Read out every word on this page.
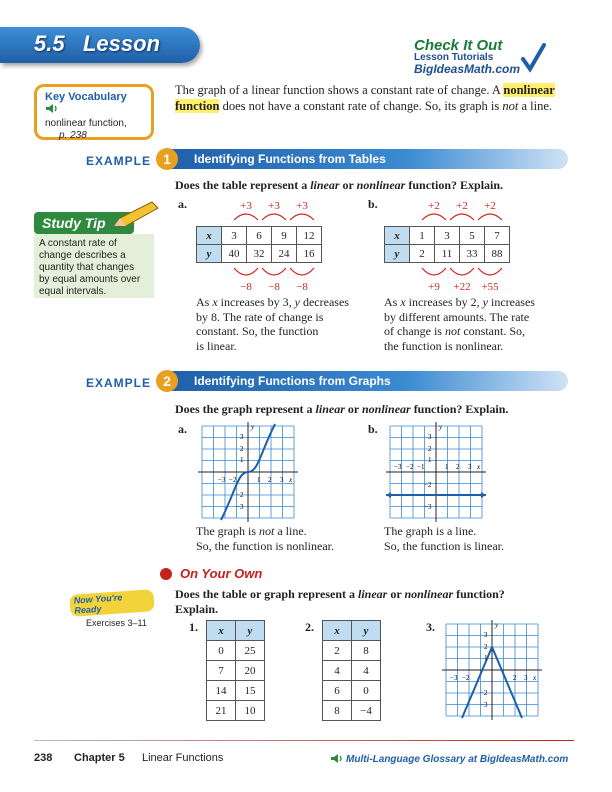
5.5 Lesson	Check It Out
Lesson Tutorials
BigIdeasMath.com
Key Vocabulary
nonlinear function,
p. 238
The graph of a linear function shows a constant rate of change. A nonlinear function does not have a constant rate of change. So, its graph is not a line.
EXAMPLE 1	Identifying Functions from Tables
Does the table represent a linear or nonlinear function? Explain.
Study Tip
A constant rate of
change describes a
quantity that changes
by equal amounts over
equal intervals.
a.	+3 +3 +3
−8 −8 −8
x	3	6	9	12
y	40	32	24	16
As x increases by 3, y decreases
by 8. The rate of change is
constant. So, the function
is linear.
b.	+2 +2 +2
+9 +22 +55
x	1	3	5	7
y	2	11	33	88
As x increases by 2, y increases
by different amounts. The rate
of change is not constant. So,
the function is nonlinear.
EXAMPLE 2	Identifying Functions from Graphs
Does the graph represent a linear or nonlinear function? Explain.
a.
−3 −2	1 2 3 x
3
2
1
−2
−3
y
The graph is not a line.
So, the function is nonlinear.
b.
−3 −2 −1	1 2 3 x
3
2
1
−2
−3
y
The graph is a line.
So, the function is linear.
On Your Own
Now You're Ready
Exercises 3–11
Does the table or graph represent a linear or nonlinear function?
Explain.
1. x	y
0	25
7	20
14	15
21	10
2. x	y
2	8
4	4
6	0
8	−4
3.
−3 −2	2 3 x
3
2
1
−2
−3
y
238 Chapter 5 Linear Functions	Multi-Language Glossary at BigIdeasMath.com
